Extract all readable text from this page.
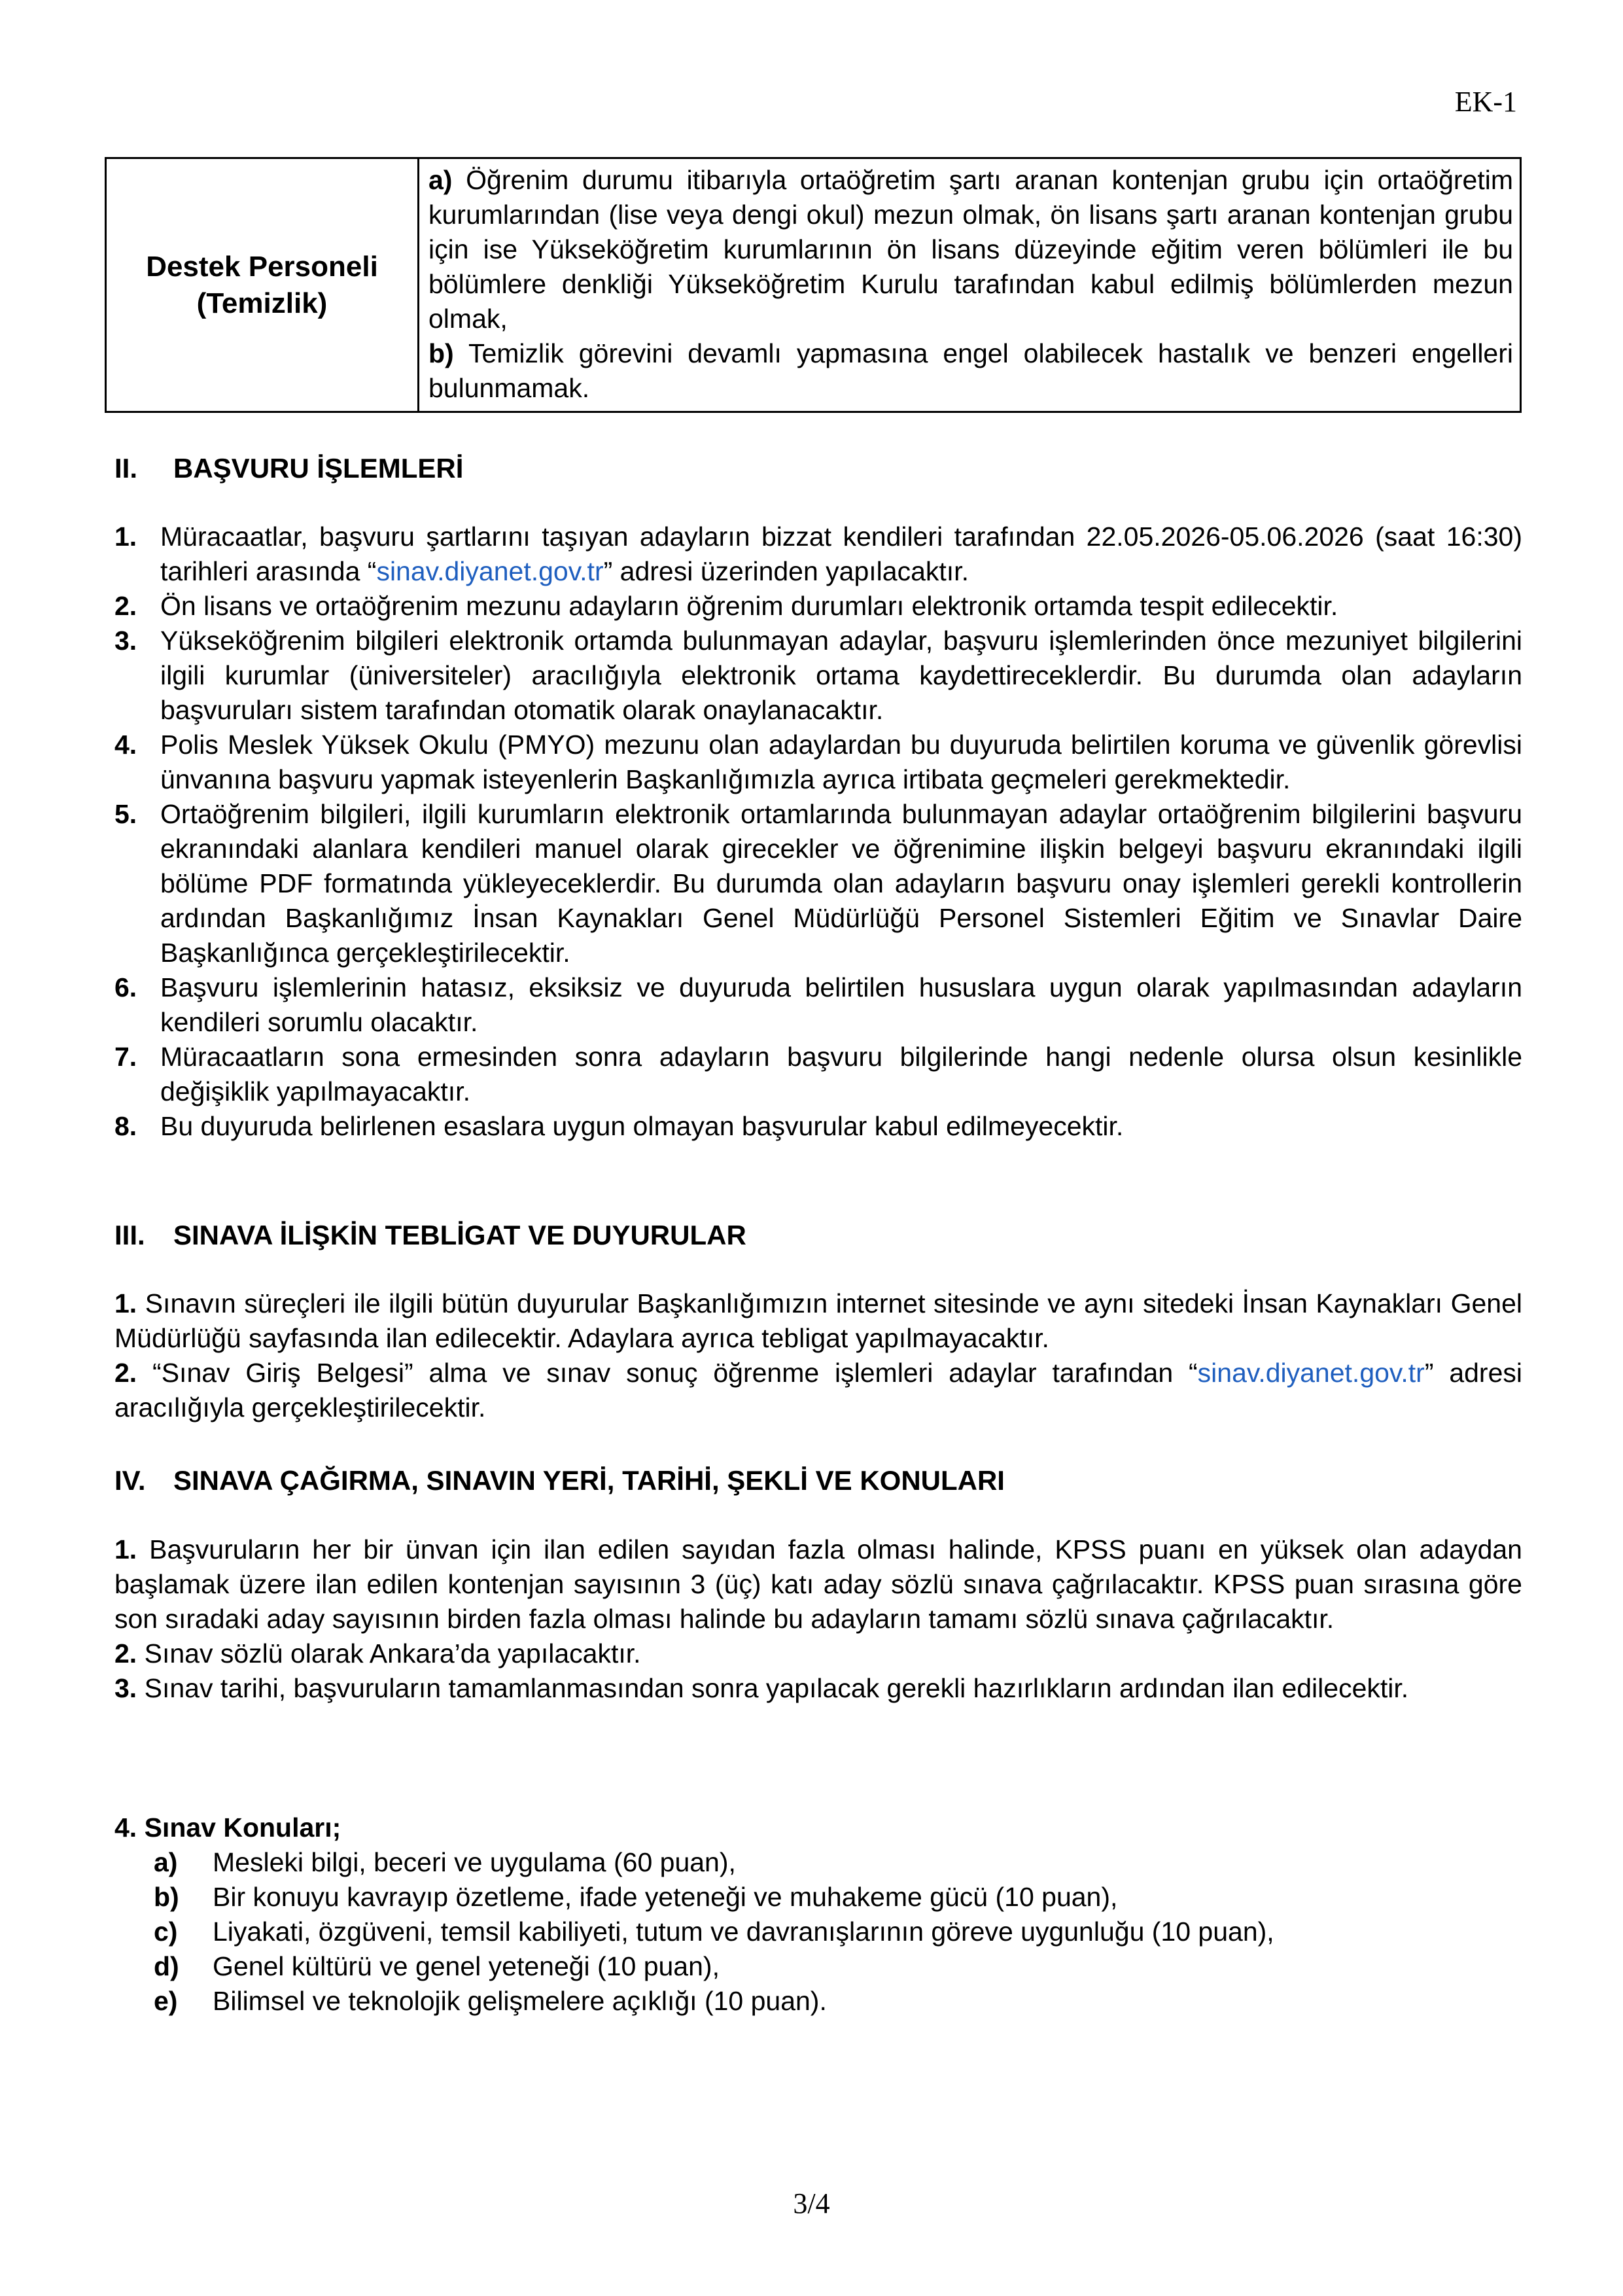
EK-1
Destek Personeli (Temizlik)	a) Öğrenim durumu itibarıyla ortaöğretim şartı aranan kontenjan grubu için ortaöğretim kurumlarından (lise veya dengi okul) mezun olmak, ön lisans şartı aranan kontenjan grubu için ise Yükseköğretim kurumlarının ön lisans düzeyinde eğitim veren bölümleri ile bu bölümlere denkliği Yükseköğretim Kurulu tarafından kabul edilmiş bölümlerden mezun olmak,
b) Temizlik görevini devamlı yapmasına engel olabilecek hastalık ve benzeri engelleri bulunmamak.
II. BAŞVURU İŞLEMLERİ
1. Müracaatlar, başvuru şartlarını taşıyan adayların bizzat kendileri tarafından 22.05.2026-05.06.2026 (saat 16:30) tarihleri arasında “sinav.diyanet.gov.tr” adresi üzerinden yapılacaktır.
2. Ön lisans ve ortaöğrenim mezunu adayların öğrenim durumları elektronik ortamda tespit edilecektir.
3. Yükseköğrenim bilgileri elektronik ortamda bulunmayan adaylar, başvuru işlemlerinden önce mezuniyet bilgilerini ilgili kurumlar (üniversiteler) aracılığıyla elektronik ortama kaydettireceklerdir. Bu durumda olan adayların başvuruları sistem tarafından otomatik olarak onaylanacaktır.
4. Polis Meslek Yüksek Okulu (PMYO) mezunu olan adaylardan bu duyuruda belirtilen koruma ve güvenlik görevlisi ünvanına başvuru yapmak isteyenlerin Başkanlığımızla ayrıca irtibata geçmeleri gerekmektedir.
5. Ortaöğrenim bilgileri, ilgili kurumların elektronik ortamlarında bulunmayan adaylar ortaöğrenim bilgilerini başvuru ekranındaki alanlara kendileri manuel olarak girecekler ve öğrenimine ilişkin belgeyi başvuru ekranındaki ilgili bölüme PDF formatında yükleyeceklerdir. Bu durumda olan adayların başvuru onay işlemleri gerekli kontrollerin ardından Başkanlığımız İnsan Kaynakları Genel Müdürlüğü Personel Sistemleri Eğitim ve Sınavlar Daire Başkanlığınca gerçekleştirilecektir.
6. Başvuru işlemlerinin hatasız, eksiksiz ve duyuruda belirtilen hususlara uygun olarak yapılmasından adayların kendileri sorumlu olacaktır.
7. Müracaatların sona ermesinden sonra adayların başvuru bilgilerinde hangi nedenle olursa olsun kesinlikle değişiklik yapılmayacaktır.
8. Bu duyuruda belirlenen esaslara uygun olmayan başvurular kabul edilmeyecektir.
III. SINAVA İLİŞKİN TEBLİGAT VE DUYURULAR
1. Sınavın süreçleri ile ilgili bütün duyurular Başkanlığımızın internet sitesinde ve aynı sitedeki İnsan Kaynakları Genel Müdürlüğü sayfasında ilan edilecektir. Adaylara ayrıca tebligat yapılmayacaktır.
2. “Sınav Giriş Belgesi” alma ve sınav sonuç öğrenme işlemleri adaylar tarafından “sinav.diyanet.gov.tr” adresi aracılığıyla gerçekleştirilecektir.
IV. SINAVA ÇAĞIRMA, SINAVIN YERİ, TARİHİ, ŞEKLİ VE KONULARI
1. Başvuruların her bir ünvan için ilan edilen sayıdan fazla olması halinde, KPSS puanı en yüksek olan adaydan başlamak üzere ilan edilen kontenjan sayısının 3 (üç) katı aday sözlü sınava çağrılacaktır. KPSS puan sırasına göre son sıradaki aday sayısının birden fazla olması halinde bu adayların tamamı sözlü sınava çağrılacaktır.
2. Sınav sözlü olarak Ankara’da yapılacaktır.
3. Sınav tarihi, başvuruların tamamlanmasından sonra yapılacak gerekli hazırlıkların ardından ilan edilecektir.
4. Sınav Konuları;
a) Mesleki bilgi, beceri ve uygulama (60 puan),
b) Bir konuyu kavrayıp özetleme, ifade yeteneği ve muhakeme gücü (10 puan),
c) Liyakati, özgüveni, temsil kabiliyeti, tutum ve davranışlarının göreve uygunluğu (10 puan),
d) Genel kültürü ve genel yeteneği (10 puan),
e) Bilimsel ve teknolojik gelişmelere açıklığı (10 puan).
3/4
